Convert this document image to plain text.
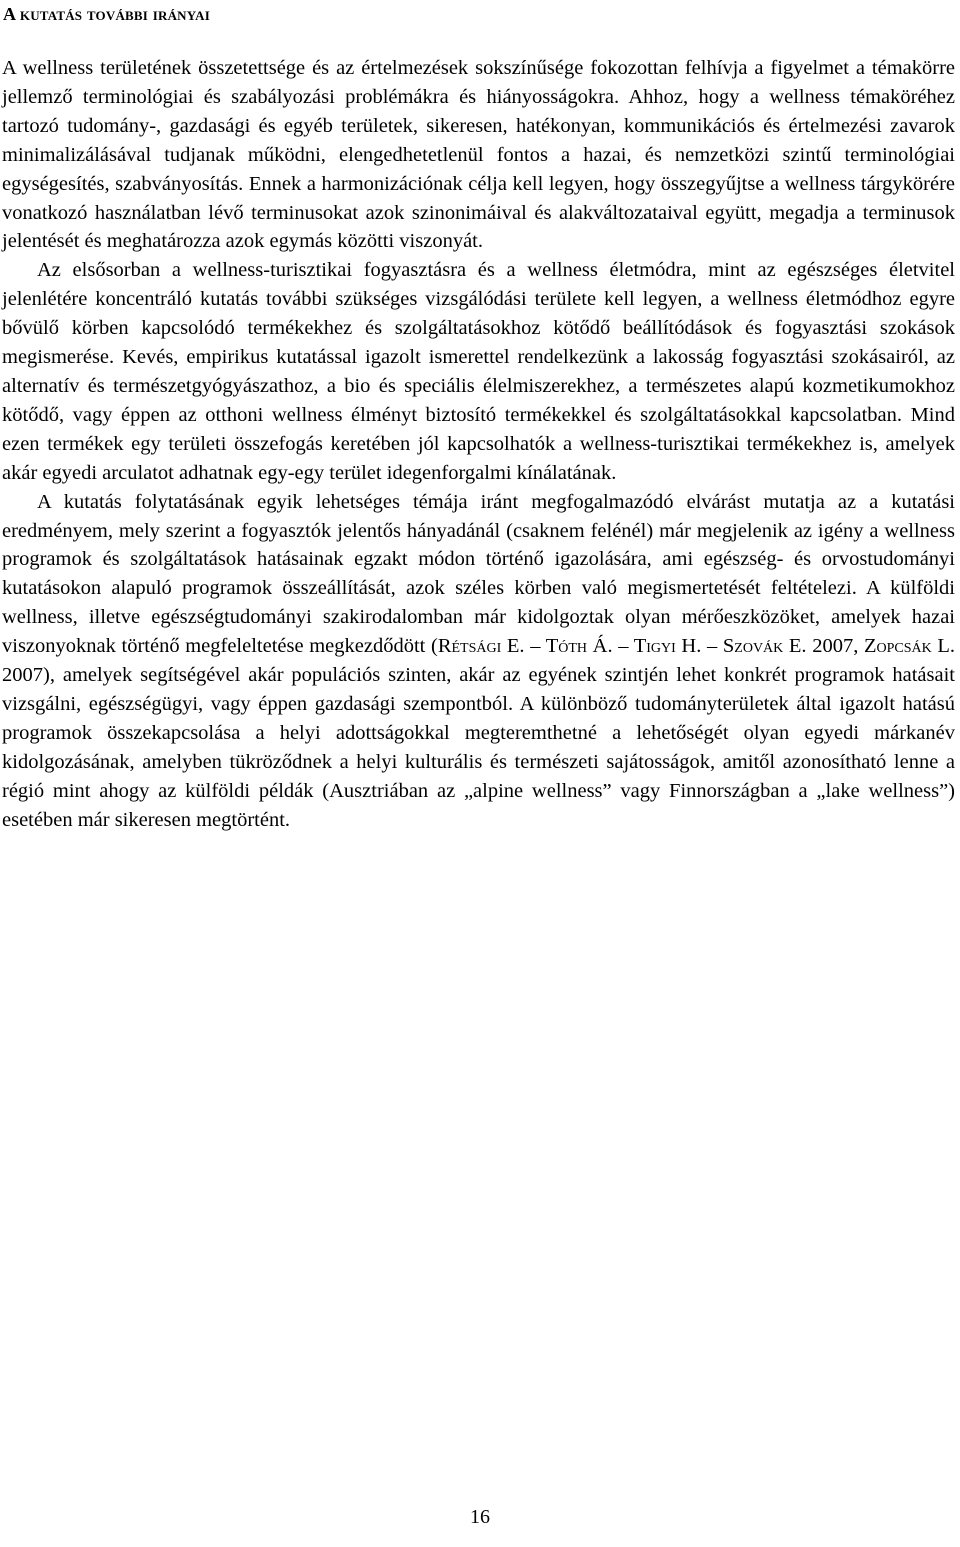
A kutatás további irányai

A wellness területének összetettsége és az értelmezések sokszínűsége fokozottan felhívja a figyelmet a témakörre jellemző terminológiai és szabályozási problémákra és hiányosságokra. Ahhoz, hogy a wellness témaköréhez tartozó tudomány-, gazdasági és egyéb területek, sikeresen, hatékonyan, kommunikációs és értelmezési zavarok minimalizálásával tudjanak működni, elengedhetetlenül fontos a hazai, és nemzetközi szintű terminológiai egységesítés, szabványosítás. Ennek a harmonizációnak célja kell legyen, hogy összegyűjtse a wellness tárgykörére vonatkozó használatban lévő terminusokat azok szinonimáival és alakváltozataival együtt, megadja a terminusok jelentését és meghatározza azok egymás közötti viszonyát.

Az elsősorban a wellness-turisztikai fogyasztásra és a wellness életmódra, mint az egészséges életvitel jelenlétére koncentráló kutatás további szükséges vizsgálódási területe kell legyen, a wellness életmódhoz egyre bővülő körben kapcsolódó termékekhez és szolgáltatásokhoz kötődő beállítódások és fogyasztási szokások megismerése. Kevés, empirikus kutatással igazolt ismerettel rendelkezünk a lakosság fogyasztási szokásairól, az alternatív és természetgyógyászathoz, a bio és speciális élelmiszerekhez, a természetes alapú kozmetikumokhoz kötődő, vagy éppen az otthoni wellness élményt biztosító termékekkel és szolgáltatásokkal kapcsolatban. Mind ezen termékek egy területi összefogás keretében jól kapcsolhatók a wellness-turisztikai termékekhez is, amelyek akár egyedi arculatot adhatnak egy-egy terület idegenforgalmi kínálatának.

A kutatás folytatásának egyik lehetséges témája iránt megfogalmazódó elvárást mutatja az a kutatási eredményem, mely szerint a fogyasztók jelentős hányadánál (csaknem felénél) már megjelenik az igény a wellness programok és szolgáltatások hatásainak egzakt módon történő igazolására, ami egészség- és orvostudományi kutatásokon alapuló programok összeállítását, azok széles körben való megismertetését feltételezi. A külföldi wellness, illetve egészségtudományi szakirodalomban már kidolgoztak olyan mérőeszközöket, amelyek hazai viszonyoknak történő megfeleltetése megkezdődött (Rétsági E. – Tóth Á. – Tigyi H. – Szovák E. 2007, Zopcsák L. 2007), amelyek segítségével akár populációs szinten, akár az egyének szintjén lehet konkrét programok hatásait vizsgálni, egészségügyi, vagy éppen gazdasági szempontból. A különböző tudományterületek által igazolt hatású programok összekapcsolása a helyi adottságokkal megteremthetné a lehetőségét olyan egyedi márkanév kidolgozásának, amelyben tükröződnek a helyi kulturális és természeti sajátosságok, amitől azonosítható lenne a régió mint ahogy az külföldi példák (Ausztriában az „alpine wellness” vagy Finnországban a „lake wellness”) esetében már sikeresen megtörtént.

16
